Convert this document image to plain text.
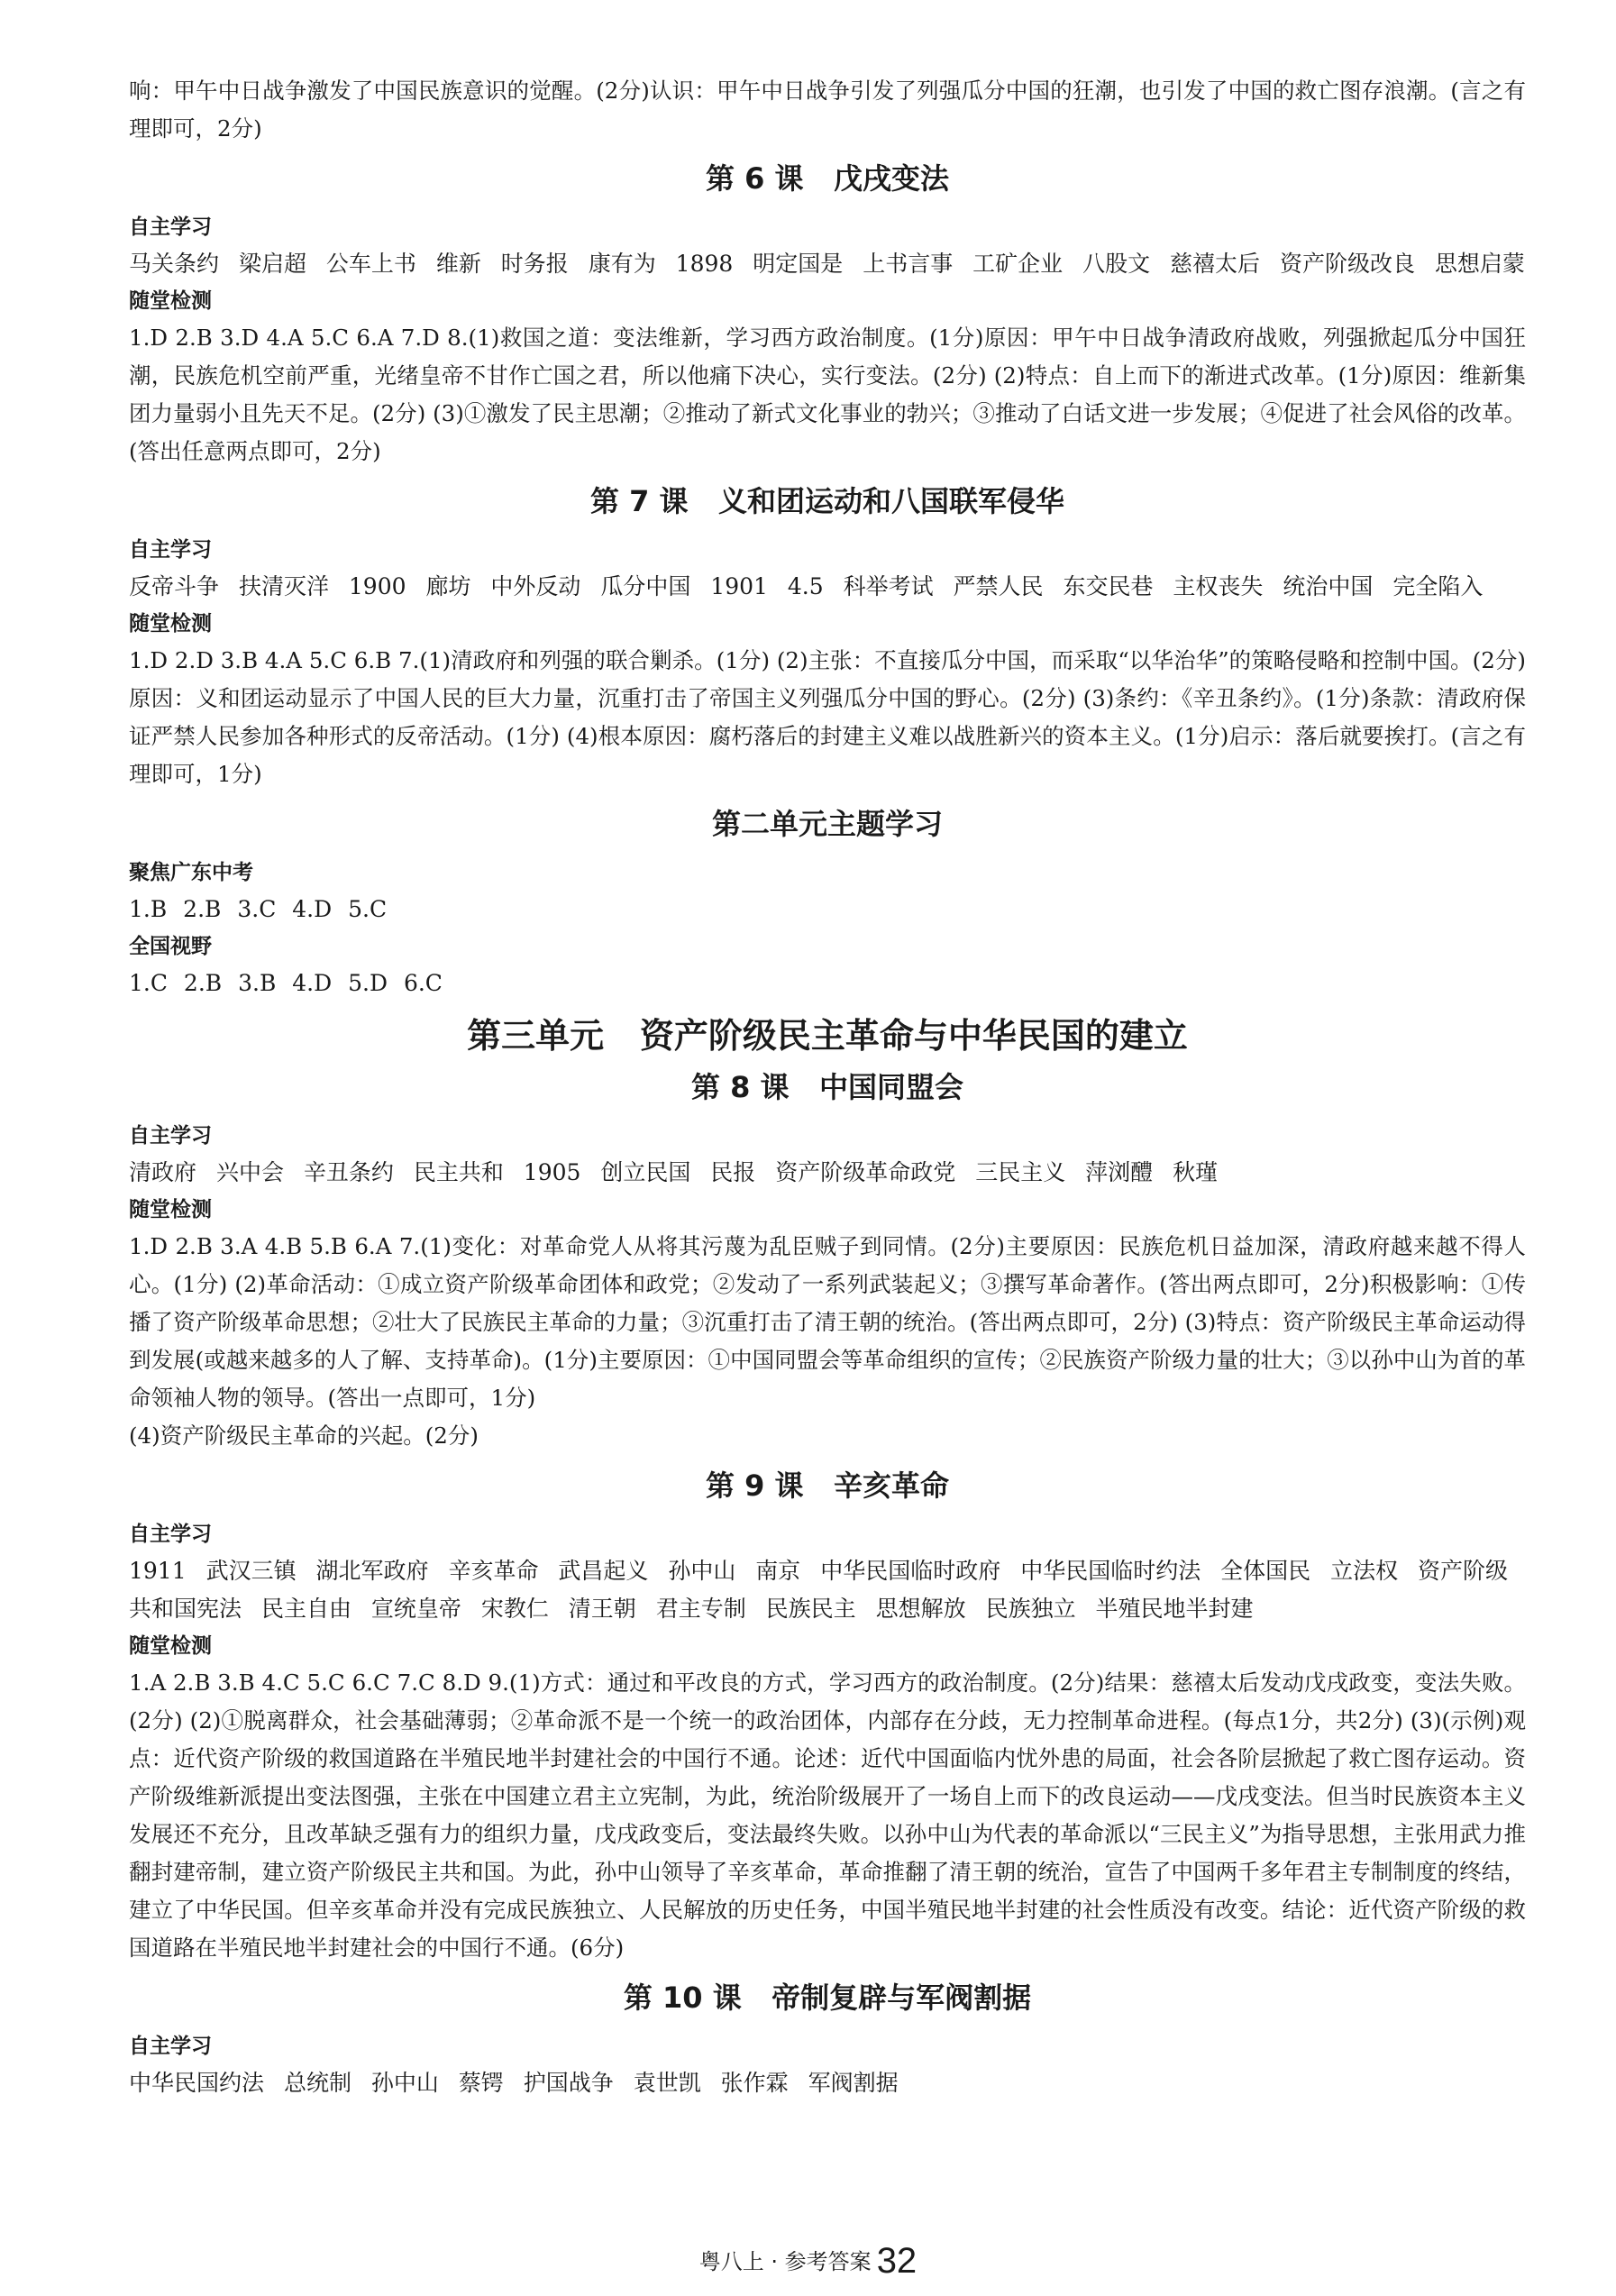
响：甲午中日战争激发了中国民族意识的觉醒。(2分)认识：甲午中日战争引发了列强瓜分中国的狂潮，也引发了中国的救亡图存浪潮。(言之有理即可，2分)

第 6 课   戊戌变法

自主学习

马关条约 梁启超 公车上书 维新 时务报 康有为 1898 明定国是 上书言事 工矿企业 八股文 慈禧太后 资产阶级改良 思想启蒙

随堂检测

1.D 2.B 3.D 4.A 5.C 6.A 7.D 8.(1)救国之道：变法维新，学习西方政治制度。(1分)原因：甲午中日战争清政府战败，列强掀起瓜分中国狂潮，民族危机空前严重，光绪皇帝不甘作亡国之君，所以他痛下决心，实行变法。(2分) (2)特点：自上而下的渐进式改革。(1分)原因：维新集团力量弱小且先天不足。(2分) (3)①激发了民主思潮；②推动了新式文化事业的勃兴；③推动了白话文进一步发展；④促进了社会风俗的改革。(答出任意两点即可，2分)

第 7 课   义和团运动和八国联军侵华

自主学习

反帝斗争 扶清灭洋 1900 廊坊 中外反动 瓜分中国 1901 4.5 科举考试 严禁人民 东交民巷 主权丧失 统治中国 完全陷入

随堂检测

1.D 2.D 3.B 4.A 5.C 6.B 7.(1)清政府和列强的联合剿杀。(1分) (2)主张：不直接瓜分中国，而采取“以华治华”的策略侵略和控制中国。(2分)原因：义和团运动显示了中国人民的巨大力量，沉重打击了帝国主义列强瓜分中国的野心。(2分) (3)条约：《辛丑条约》。(1分)条款：清政府保证严禁人民参加各种形式的反帝活动。(1分) (4)根本原因：腐朽落后的封建主义难以战胜新兴的资本主义。(1分)启示：落后就要挨打。(言之有理即可，1分)

第二单元主题学习

聚焦广东中考

1.B 2.B 3.C 4.D 5.C

全国视野

1.C 2.B 3.B 4.D 5.D 6.C

第三单元   资产阶级民主革命与中华民国的建立
第 8 课   中国同盟会

自主学习

清政府 兴中会 辛丑条约 民主共和 1905 创立民国 民报 资产阶级革命政党 三民主义 萍浏醴 秋瑾

随堂检测

1.D 2.B 3.A 4.B 5.B 6.A 7.(1)变化：对革命党人从将其污蔑为乱臣贼子到同情。(2分)主要原因：民族危机日益加深，清政府越来越不得人心。(1分) (2)革命活动：①成立资产阶级革命团体和政党；②发动了一系列武装起义；③撰写革命著作。(答出两点即可，2分)积极影响：①传播了资产阶级革命思想；②壮大了民族民主革命的力量；③沉重打击了清王朝的统治。(答出两点即可，2分) (3)特点：资产阶级民主革命运动得到发展(或越来越多的人了解、支持革命)。(1分)主要原因：①中国同盟会等革命组织的宣传；②民族资产阶级力量的壮大；③以孙中山为首的革命领袖人物的领导。(答出一点即可，1分)

(4)资产阶级民主革命的兴起。(2分)

第 9 课   辛亥革命

自主学习

1911 武汉三镇 湖北军政府 辛亥革命 武昌起义 孙中山 南京 中华民国临时政府 中华民国临时约法 全体国民 立法权 资产阶级共和国宪法 民主自由 宣统皇帝 宋教仁 清王朝 君主专制 民族民主 思想解放 民族独立 半殖民地半封建

随堂检测

1.A 2.B 3.B 4.C 5.C 6.C 7.C 8.D 9.(1)方式：通过和平改良的方式，学习西方的政治制度。(2分)结果：慈禧太后发动戊戌政变，变法失败。(2分) (2)①脱离群众，社会基础薄弱；②革命派不是一个统一的政治团体，内部存在分歧，无力控制革命进程。(每点1分，共2分) (3)(示例)观点：近代资产阶级的救国道路在半殖民地半封建社会的中国行不通。论述：近代中国面临内忧外患的局面，社会各阶层掀起了救亡图存运动。资产阶级维新派提出变法图强，主张在中国建立君主立宪制，为此，统治阶级展开了一场自上而下的改良运动——戊戌变法。但当时民族资本主义发展还不充分，且改革缺乏强有力的组织力量，戊戌政变后，变法最终失败。以孙中山为代表的革命派以“三民主义”为指导思想，主张用武力推翻封建帝制，建立资产阶级民主共和国。为此，孙中山领导了辛亥革命，革命推翻了清王朝的统治，宣告了中国两千多年君主专制制度的终结，建立了中华民国。但辛亥革命并没有完成民族独立、人民解放的历史任务，中国半殖民地半封建的社会性质没有改变。结论：近代资产阶级的救国道路在半殖民地半封建社会的中国行不通。(6分)

第 10 课   帝制复辟与军阀割据

自主学习

中华民国约法 总统制 孙中山 蔡锷 护国战争 袁世凯 张作霖 军阀割据

粤八上 · 参考答案 32
